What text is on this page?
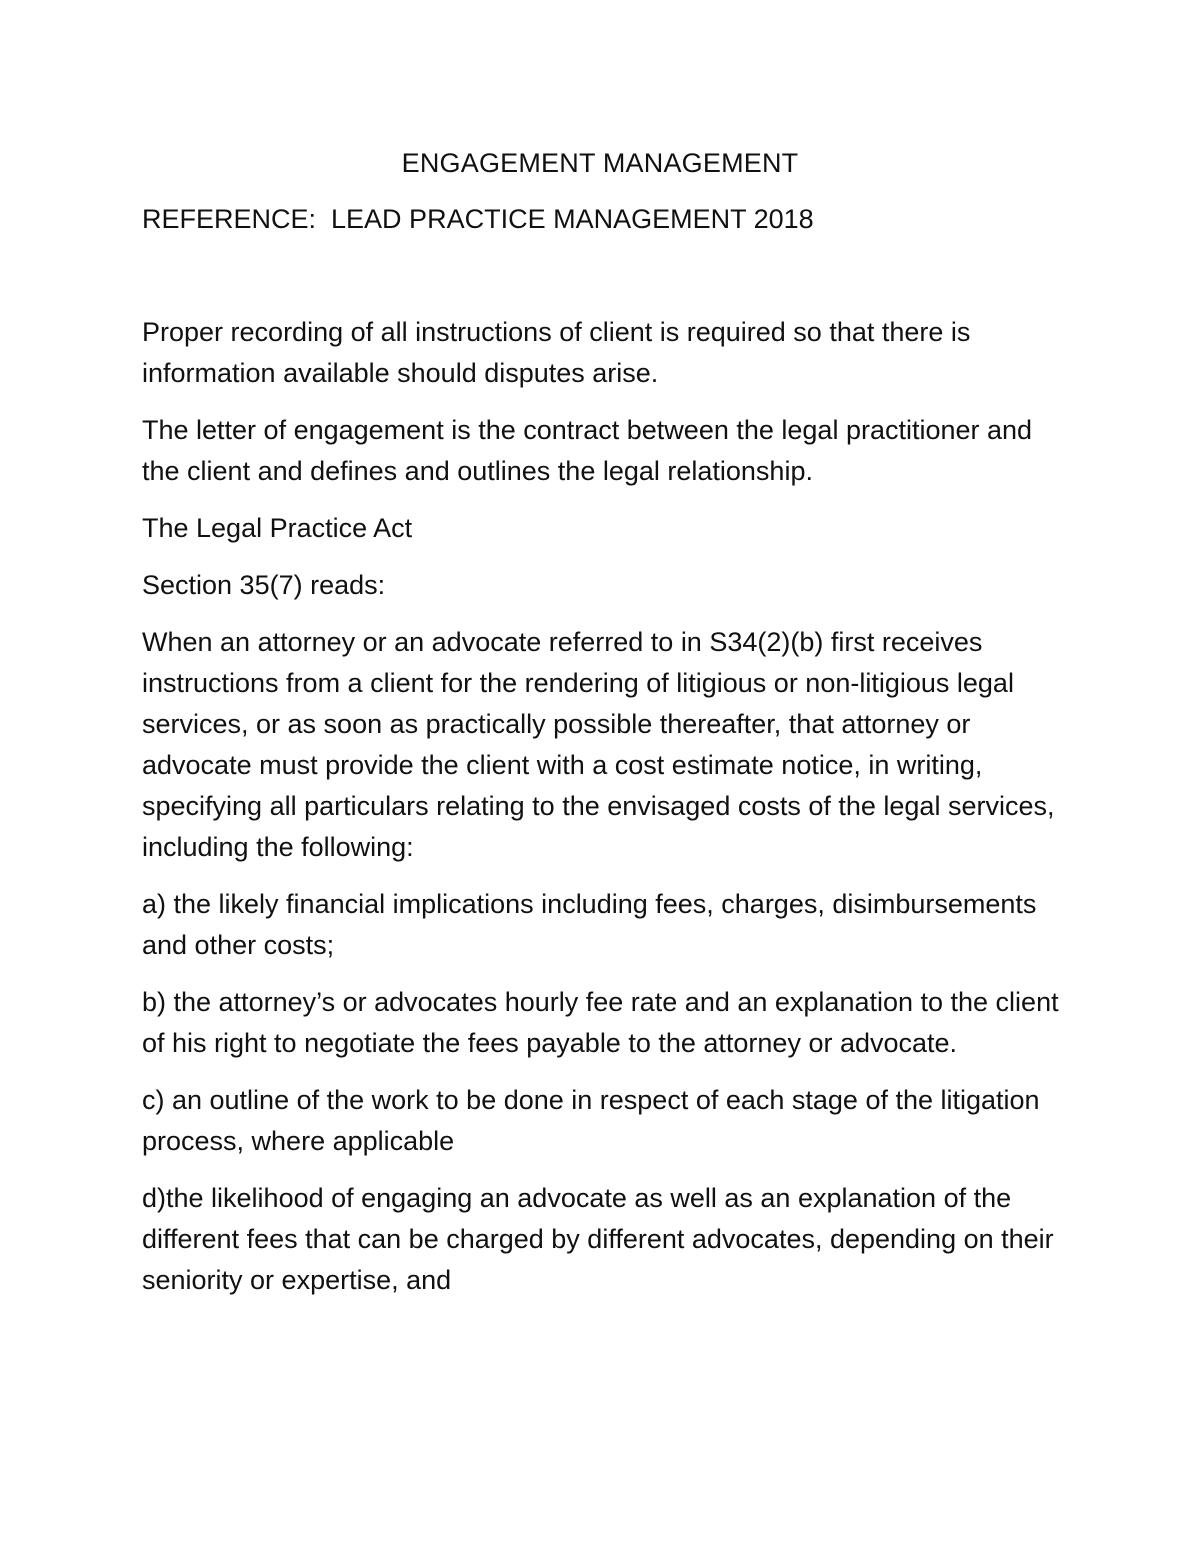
ENGAGEMENT MANAGEMENT
REFERENCE:  LEAD PRACTICE MANAGEMENT 2018

Proper recording of all instructions of client is required so that there is information available should disputes arise.

The letter of engagement is the contract between the legal practitioner and the client and defines and outlines the legal relationship.

The Legal Practice Act

Section 35(7) reads:

When an attorney or an advocate referred to in S34(2)(b) first receives instructions from a client for the rendering of litigious or non-litigious legal services, or as soon as practically possible thereafter, that attorney or advocate must provide the client with a cost estimate notice, in writing, specifying all particulars relating to the envisaged costs of the legal services, including the following:

a) the likely financial implications including fees, charges, disimbursements and other costs;

b) the attorney’s or advocates hourly fee rate and an explanation to the client of his right to negotiate the fees payable to the attorney or advocate.

c) an outline of the work to be done in respect of each stage of the litigation process, where applicable

d)the likelihood of engaging an advocate as well as an explanation of the different fees that can be charged by different advocates, depending on their seniority or expertise, and
